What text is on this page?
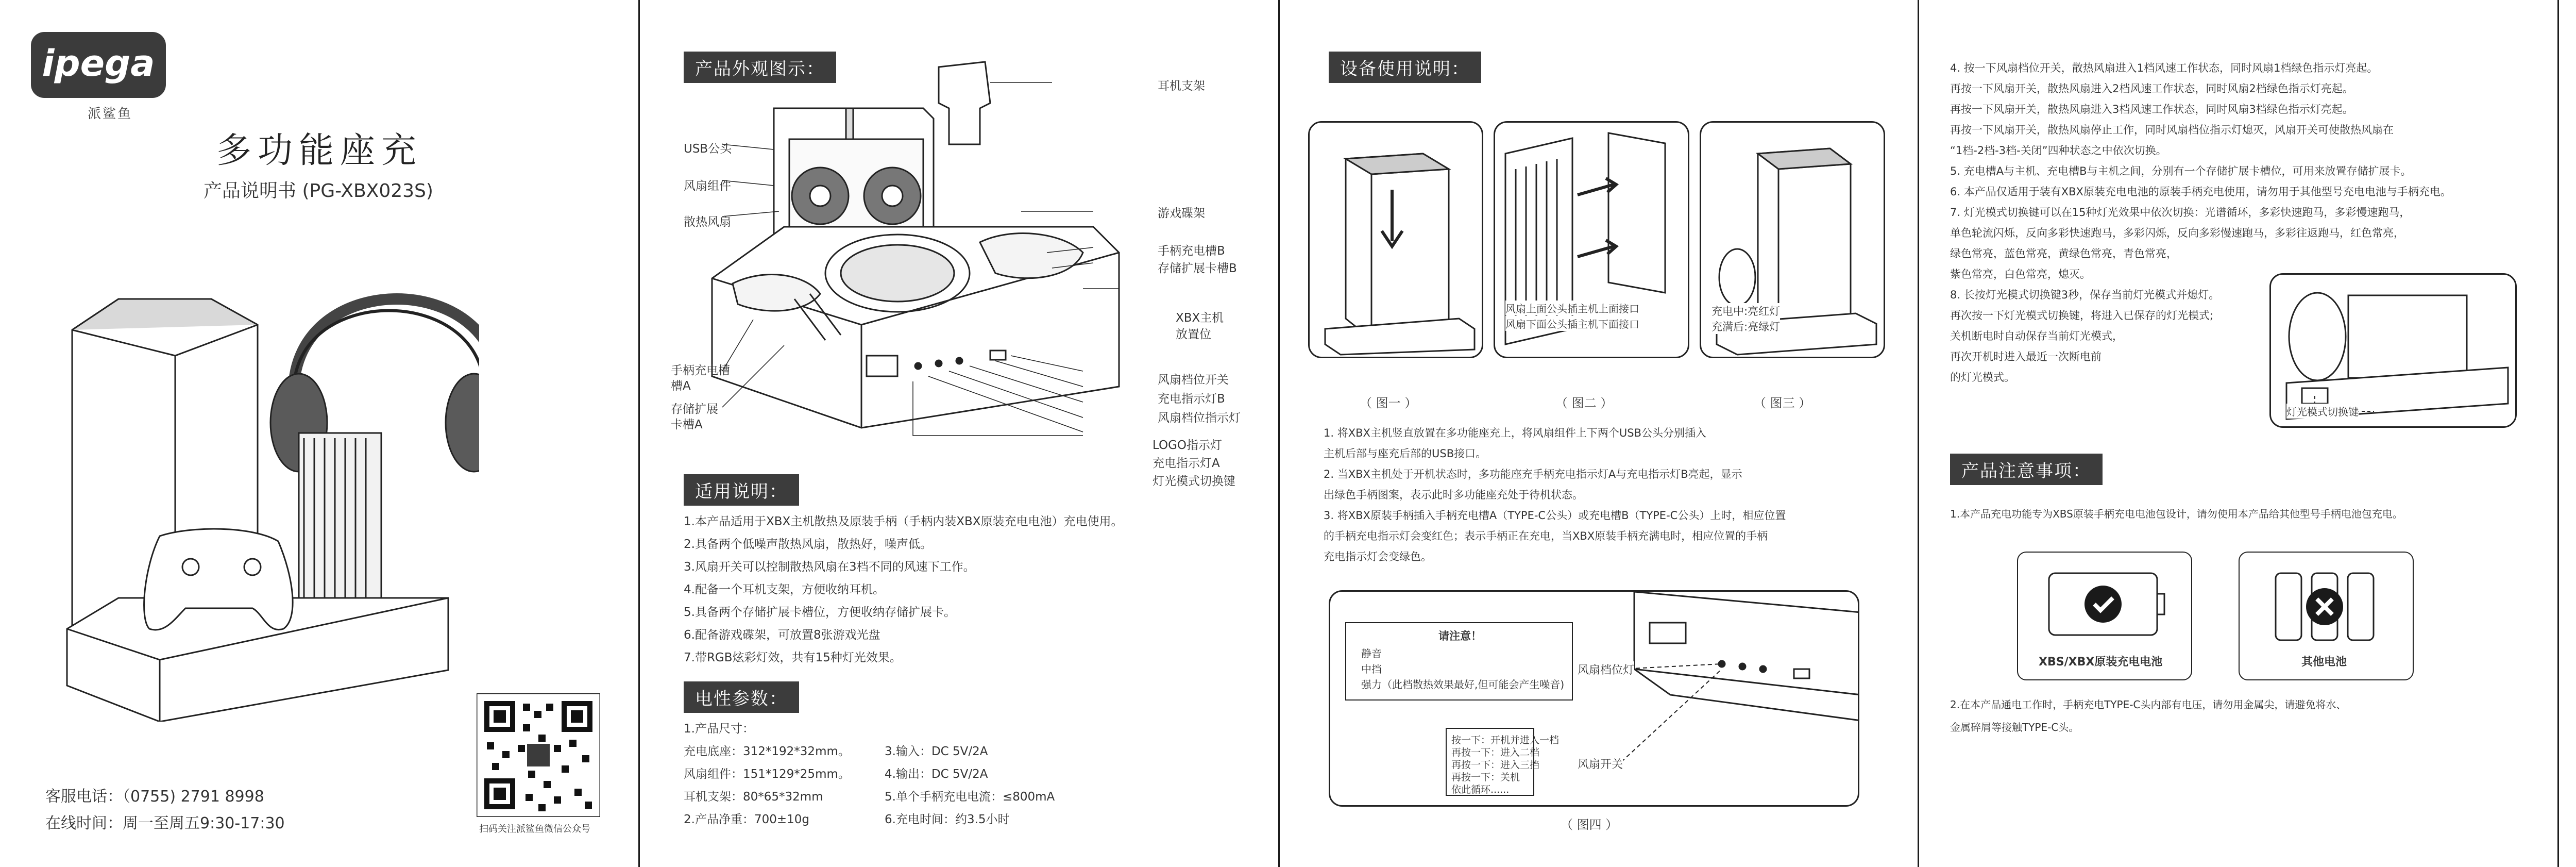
ipega
派鲨鱼
多功能座充
产品说明书 (PG-XBX023S)
扫码关注派鲨鱼微信公众号
客服电话：（0755) 2791 8998
在线时间：周一至周五9:30-17:30
产品外观图示：
耳机支架
USB公头
风扇组件
散热风扇
游戏碟架
手柄充电槽B
存储扩展卡槽B
XBX主机
放置位
手柄充电槽
槽A
存储扩展
卡槽A
风扇档位开关
充电指示灯B
风扇档位指示灯
LOGO指示灯
充电指示灯A
灯光模式切换键
适用说明：
1.本产品适用于XBX主机散热及原装手柄（手柄内装XBX原装充电电池）充电使用。
2.具备两个低噪声散热风扇，散热好，噪声低。
3.风扇开关可以控制散热风扇在3档不同的风速下工作。
4.配备一个耳机支架，方便收纳耳机。
5.具备两个存储扩展卡槽位，方便收纳存储扩展卡。
6.配备游戏碟架，可放置8张游戏光盘
7.带RGB炫彩灯效，共有15种灯光效果。
电性参数：
1.产品尺寸：
充电底座：312*192*32mm。
风扇组件：151*129*25mm。
耳机支架：80*65*32mm
2.产品净重：700±10g
3.输入：DC 5V/2A
4.输出：DC 5V/2A
5.单个手柄充电电流：≤800mA
6.充电时间：约3.5小时
设备使用说明：
风扇上面公头插主机上面接口
风扇下面公头插主机下面接口
充电中:亮红灯
充满后:亮绿灯
（ 图一 ）	（ 图二 ）	（ 图三 ）
1. 将XBX主机竖直放置在多功能座充上，将风扇组件上下两个USB公头分别插入
主机后部与座充后部的USB接口。
2. 当XBX主机处于开机状态时，多功能座充手柄充电指示灯A与充电指示灯B亮起，显示
出绿色手柄图案，表示此时多功能座充处于待机状态。
3. 将XBX原装手柄插入手柄充电槽A（TYPE-C公头）或充电槽B（TYPE-C公头）上时，相应位置
的手柄充电指示灯会变红色；表示手柄正在充电，当XBX原装手柄充满电时，相应位置的手柄
充电指示灯会变绿色。
请注意！
静音
中挡
强力（此档散热效果最好,但可能会产生噪音)
风扇档位灯
按一下：开机并进入一档
再按一下：进入二档
再按一下：进入三挡
再按一下：关机
依此循环......
风扇开关
（ 图四 ）
4. 按一下风扇档位开关，散热风扇进入1档风速工作状态，同时风扇1档绿色指示灯亮起。
再按一下风扇开关，散热风扇进入2档风速工作状态，同时风扇2档绿色指示灯亮起。
再按一下风扇开关，散热风扇进入3档风速工作状态，同时风扇3档绿色指示灯亮起。
再按一下风扇开关，散热风扇停止工作，同时风扇档位指示灯熄灭，风扇开关可使散热风扇在
“1档-2档-3档-关闭”四种状态之中依次切换。
5. 充电槽A与主机、充电槽B与主机之间，分别有一个存储扩展卡槽位，可用来放置存储扩展卡。
6. 本产品仅适用于装有XBX原装充电电池的原装手柄充电使用，请勿用于其他型号充电电池与手柄充电。
7. 灯光模式切换键可以在15种灯光效果中依次切换：光谱循环，多彩快速跑马，多彩慢速跑马，
单色轮流闪烁，反向多彩快速跑马，多彩闪烁，反向多彩慢速跑马，多彩往返跑马，红色常亮，
绿色常亮，蓝色常亮，黄绿色常亮，青色常亮，
紫色常亮，白色常亮，熄灭。
8. 长按灯光模式切换键3秒，保存当前灯光模式并熄灯。
再次按一下灯光模式切换键，将进入已保存的灯光模式;
关机断电时自动保存当前灯光模式，
再次开机时进入最近一次断电前
的灯光模式。
灯光模式切换键
产品注意事项：
1.本产品充电功能专为XBS原装手柄充电电池包设计，请勿使用本产品给其他型号手柄电池包充电。
XBS/XBX原装充电电池	其他电池
2.在本产品通电工作时，手柄充电TYPE-C头内部有电压，请勿用金属尖，请避免将水、
金属碎屑等接触TYPE-C头。
